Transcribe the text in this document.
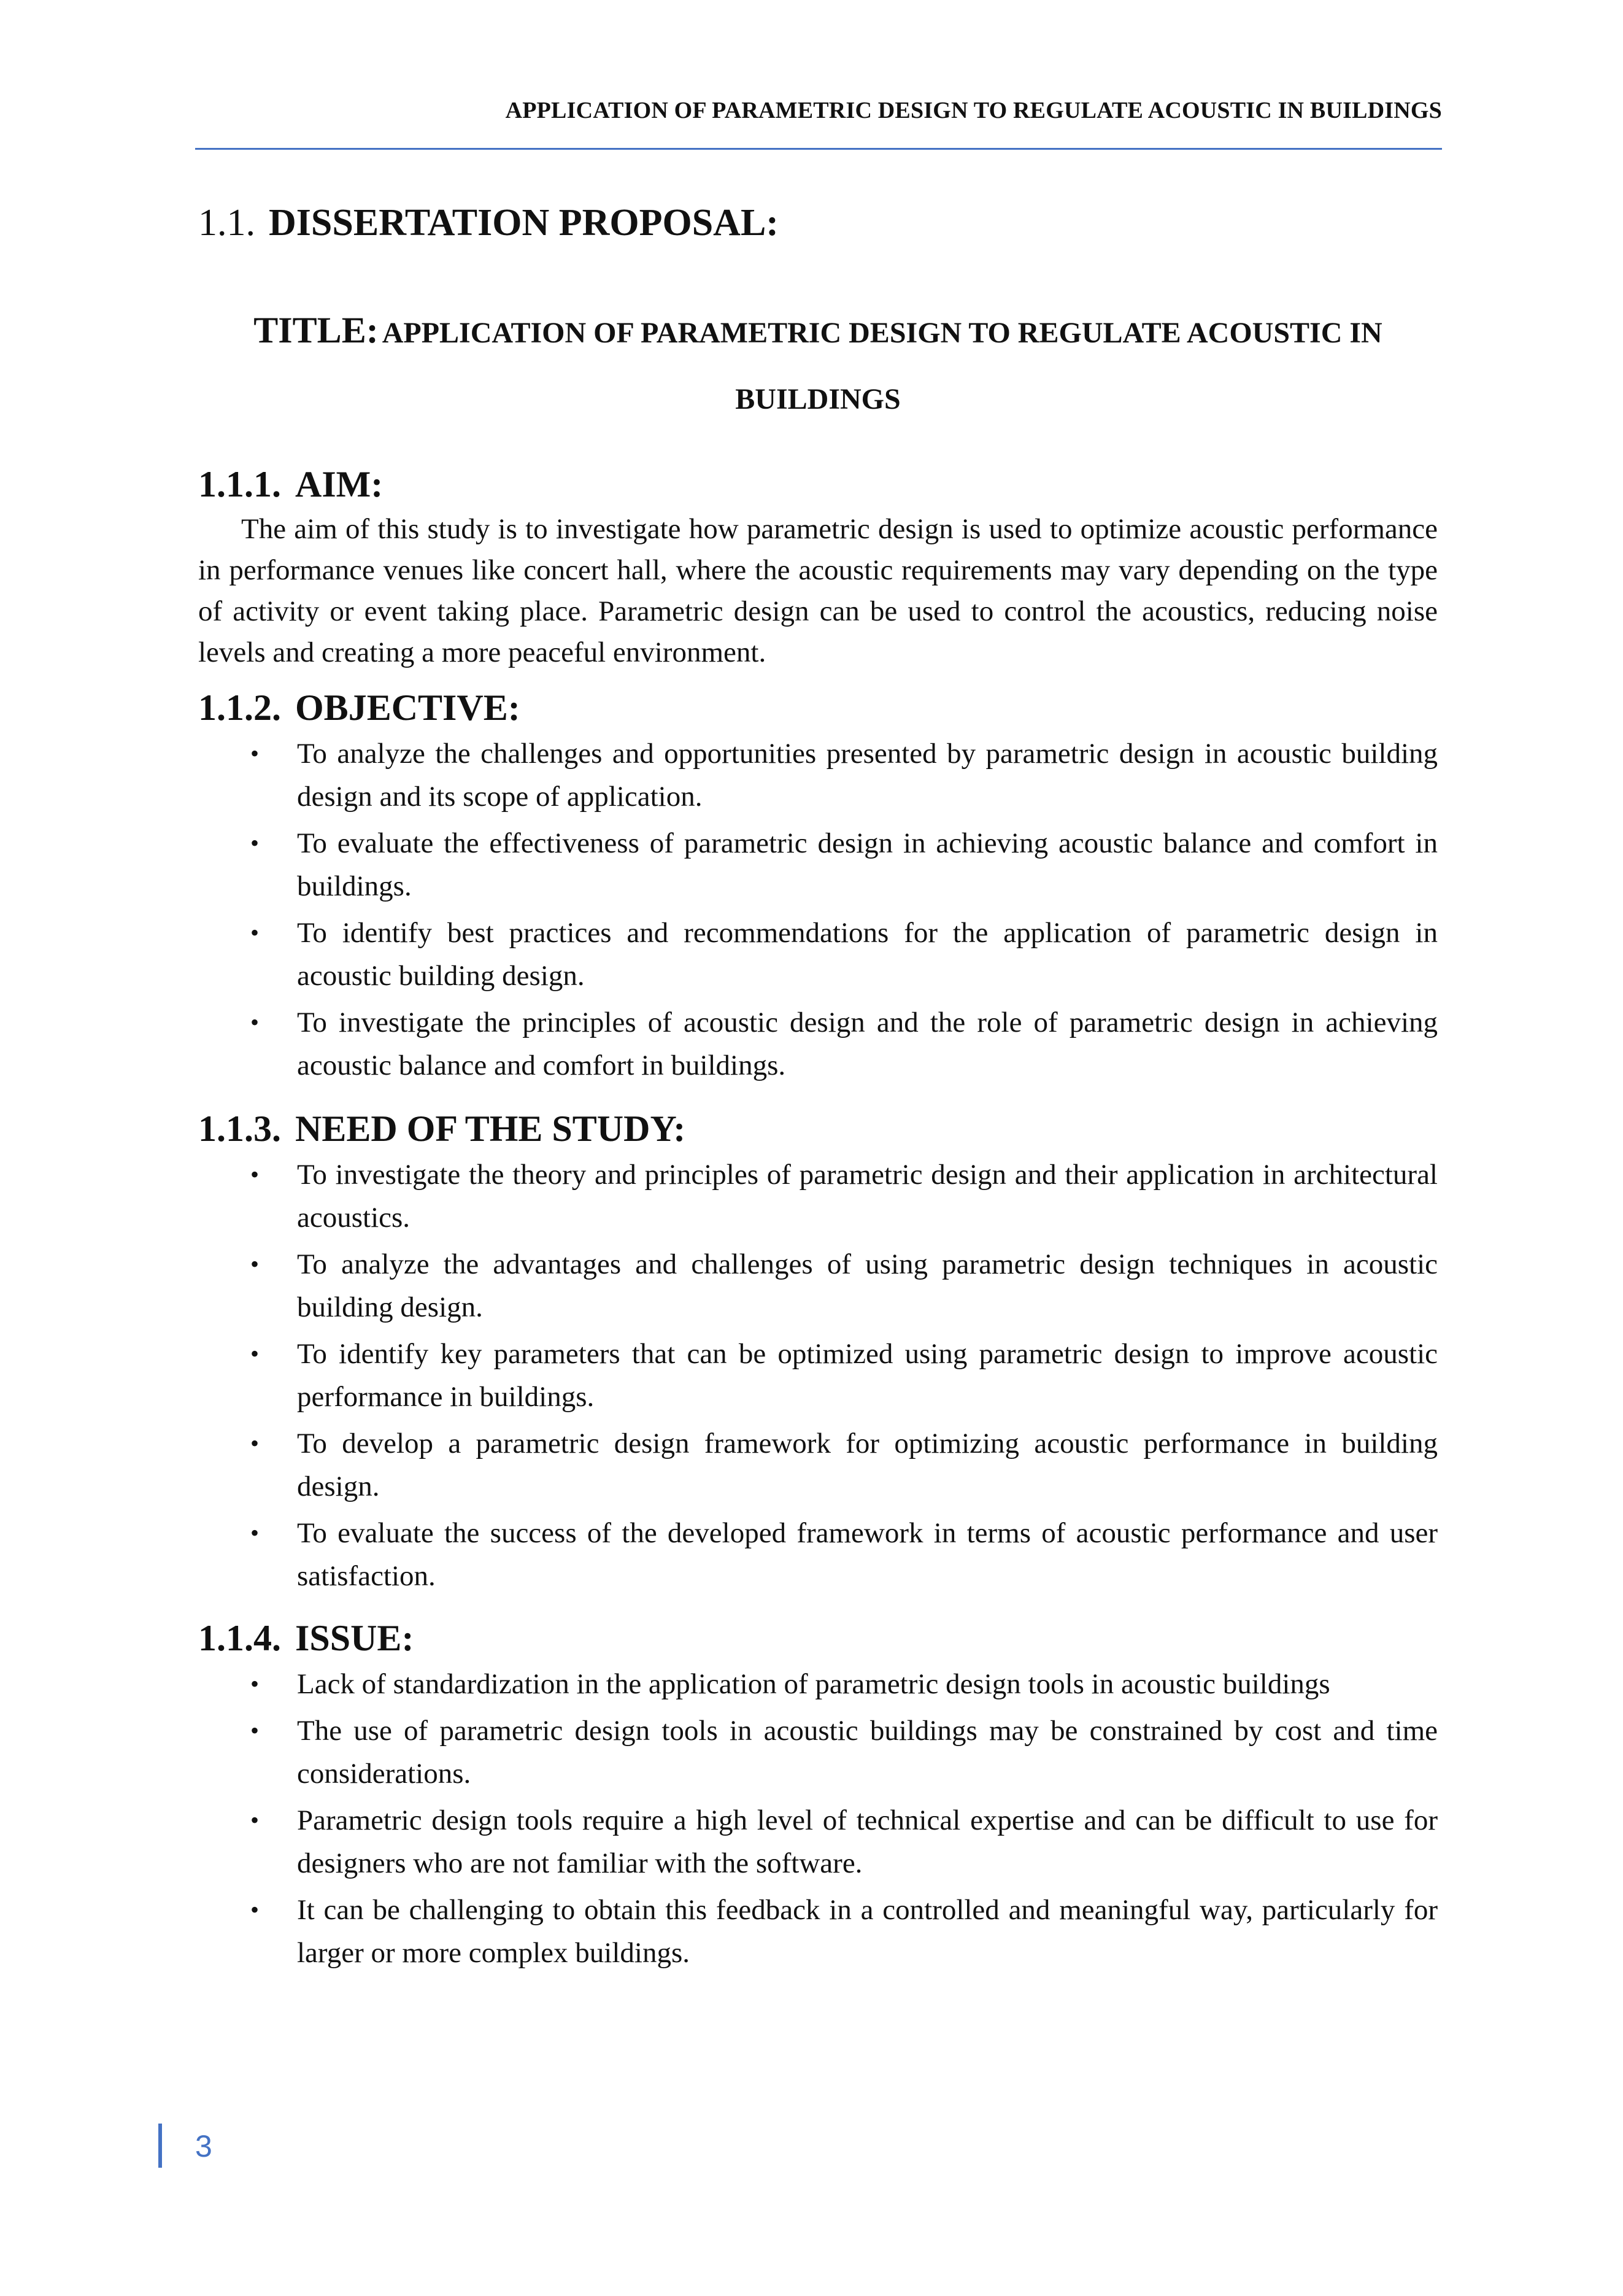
APPLICATION OF PARAMETRIC DESIGN TO REGULATE ACOUSTIC IN BUILDINGS
1.1. DISSERTATION PROPOSAL:
TITLE: APPLICATION OF PARAMETRIC DESIGN TO REGULATE ACOUSTIC IN BUILDINGS
1.1.1. AIM:

The aim of this study is to investigate how parametric design is used to optimize acoustic performance in performance venues like concert hall, where the acoustic requirements may vary depending on the type of activity or event taking place. Parametric design can be used to control the acoustics, reducing noise levels and creating a more peaceful environment.

1.1.2. OBJECTIVE:
• To analyze the challenges and opportunities presented by parametric design in acoustic building design and its scope of application.
• To evaluate the effectiveness of parametric design in achieving acoustic balance and comfort in buildings.
• To identify best practices and recommendations for the application of parametric design in acoustic building design.
• To investigate the principles of acoustic design and the role of parametric design in achieving acoustic balance and comfort in buildings.
1.1.3. NEED OF THE STUDY:
• To investigate the theory and principles of parametric design and their application in architectural acoustics.
• To analyze the advantages and challenges of using parametric design techniques in acoustic building design.
• To identify key parameters that can be optimized using parametric design to improve acoustic performance in buildings.
• To develop a parametric design framework for optimizing acoustic performance in building design.
• To evaluate the success of the developed framework in terms of acoustic performance and user satisfaction.
1.1.4. ISSUE:
• Lack of standardization in the application of parametric design tools in acoustic buildings
• The use of parametric design tools in acoustic buildings may be constrained by cost and time considerations.
• Parametric design tools require a high level of technical expertise and can be difficult to use for designers who are not familiar with the software.
• It can be challenging to obtain this feedback in a controlled and meaningful way, particularly for larger or more complex buildings.
3
